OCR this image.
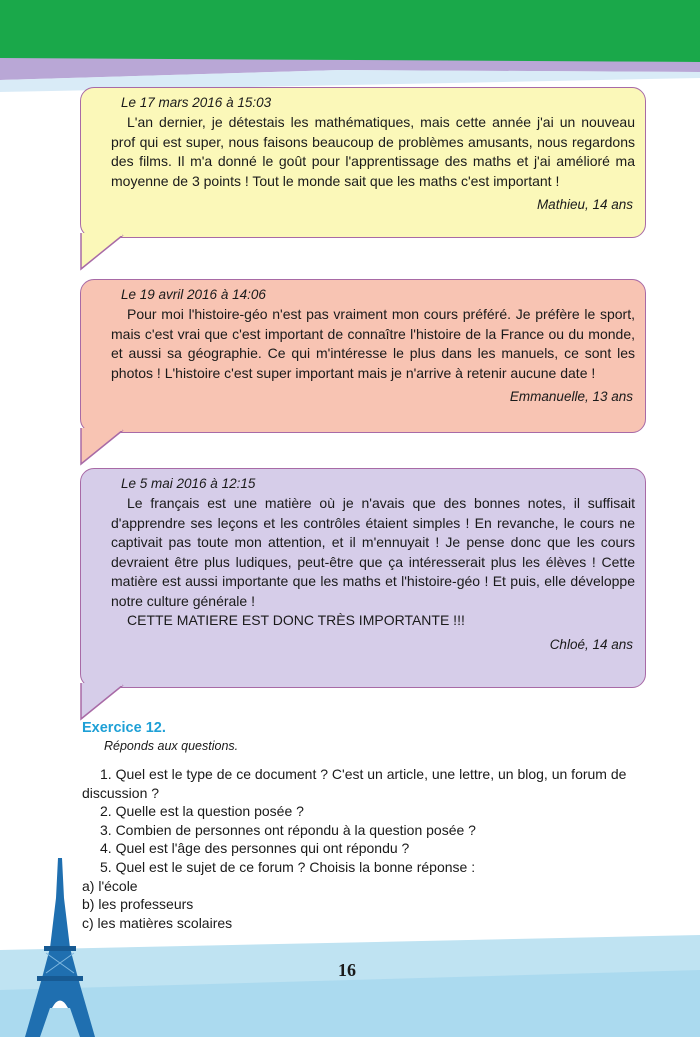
Le 17 mars 2016 à 15:03

L'an dernier, je détestais les mathématiques, mais cette année j'ai un nouveau prof qui est super, nous faisons beaucoup de problèmes amusants, nous regardons des films. Il m'a donné le goût pour l'apprentissage des maths et j'ai amélioré ma moyenne de 3 points ! Tout le monde sait que les maths c'est important !

Mathieu, 14 ans

Le 19 avril 2016 à 14:06

Pour moi l'histoire-géo n'est pas vraiment mon cours préféré. Je préfère le sport, mais c'est vrai que c'est important de connaître l'histoire de la France ou du monde, et aussi sa géographie. Ce qui m'intéresse le plus dans les manuels, ce sont les photos ! L'histoire c'est super important mais je n'arrive à retenir aucune date !

Emmanuelle, 13 ans

Le 5 mai 2016 à 12:15

Le français est une matière où je n'avais que des bonnes notes, il suffisait d'apprendre ses leçons et les contrôles étaient simples ! En revanche, le cours ne captivait pas toute mon attention, et il m'ennuyait ! Je pense donc que les cours devraient être plus ludiques, peut-être que ça intéresserait plus les élèves ! Cette matière est aussi importante que les maths et l'histoire-géo ! Et puis, elle développe notre culture générale !

CETTE MATIERE EST DONC TRÈS IMPORTANTE !!!

Chloé, 14 ans

Exercice 12.
Réponds aux questions.

1. Quel est le type de ce document ? C'est un article, une lettre, un blog, un forum de discussion ?

2. Quelle est la question posée ?

3. Combien de personnes ont répondu à la question posée ?

4. Quel est l'âge des personnes qui ont répondu ?

5. Quel est le sujet de ce forum ? Choisis la bonne réponse :

a) l'école

b) les professeurs

c) les matières scolaires

16
